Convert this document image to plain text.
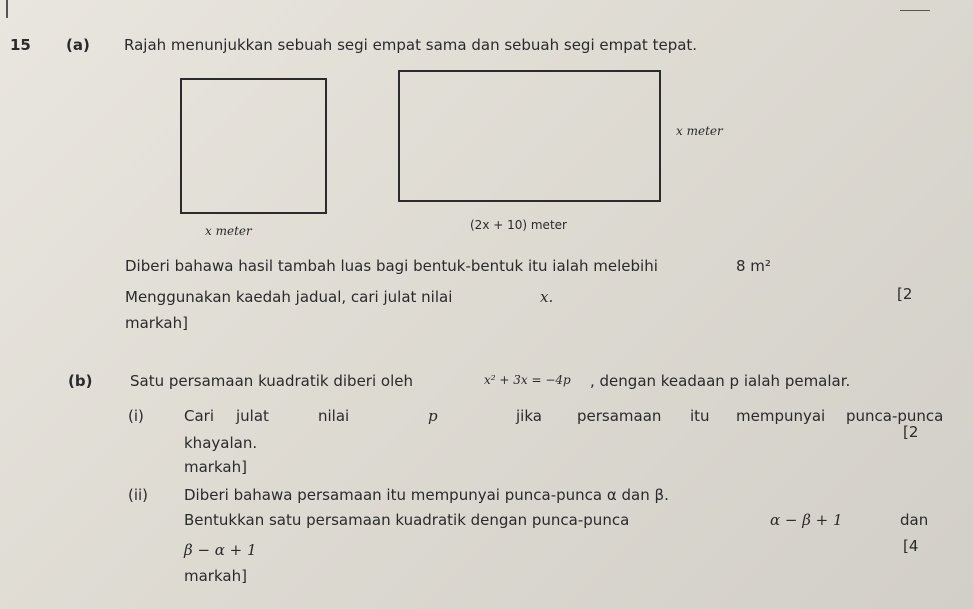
15 (a) Rajah menunjukkan sebuah segi empat sama dan sebuah segi empat tepat.
x meter
x meter
(2x + 10) meter
Diberi bahawa hasil tambah luas bagi bentuk-bentuk itu ialah melebihi	8 m²
Menggunakan kaedah jadual, cari julat nilai	x.	[2
markah]
(b)	Satu persamaan kuadratik diberi oleh	x² + 3x = −4p , dengan keadaan p ialah pemalar.
(i)	Cari julat	nilai	p	jika persamaan itu mempunyai punca-punca
khayalan.
[2
markah]
(ii) Diberi bahawa persamaan itu mempunyai punca-punca α dan β.
Bentukkan satu persamaan kuadratik dengan punca-punca	α − β + 1	dan
β − α + 1	[4
markah]
